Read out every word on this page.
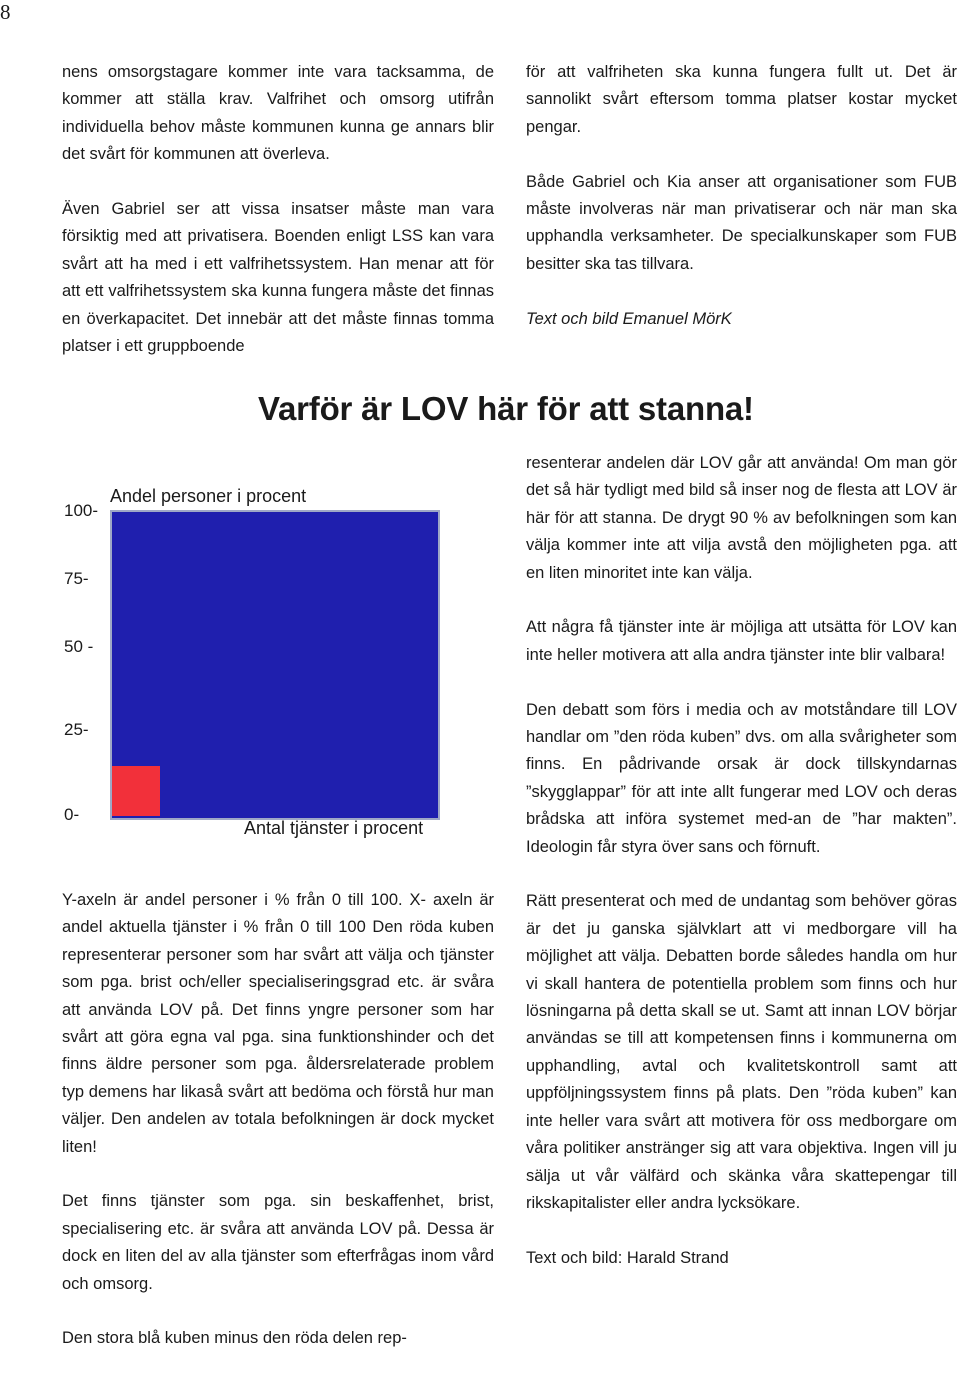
8

nens omsorgstagare kommer inte vara tacksamma, de kommer att ställa krav. Valfrihet och omsorg utifrån individuella behov måste kommunen kunna ge annars blir det svårt för kommunen att överleva.

Även Gabriel ser att vissa insatser måste man vara försiktig med att privatisera. Boenden enligt LSS kan vara svårt att ha med i ett valfrihetssystem. Han menar att för att ett valfrihetssystem ska kunna fungera måste det finnas en överkapacitet. Det innebär att det måste finnas tomma platser i ett gruppboende

för att valfriheten ska kunna fungera fullt ut. Det är sannolikt svårt eftersom tomma platser kostar mycket pengar.

Både Gabriel och Kia anser att organisationer som FUB måste involveras när man privatiserar och när man ska upphandla verksamheter. De specialkunskaper som FUB besitter ska tas tillvara.

Text och bild Emanuel MörK

Varför är LOV här för att stanna!
100-
75-
50 -
25-
0-
Andel personer i procent
Antal tjänster i procent

Y-axeln är andel personer i % från 0 till 100. X- axeln är andel aktuella tjänster i % från 0 till 100 Den röda kuben representerar personer som har svårt att välja och tjänster som pga. brist och/eller specialiseringsgrad etc. är svåra att använda LOV på. Det finns yngre personer som har svårt att göra egna val pga. sina funktionshinder och det finns äldre personer som pga. åldersrelaterade problem typ demens har likaså svårt att bedöma och förstå hur man väljer. Den andelen av totala befolkningen är dock mycket liten!

Det finns tjänster som pga. sin beskaffenhet, brist, specialisering etc. är svåra att använda LOV på. Dessa är dock en liten del av alla tjänster som efterfrågas inom vård och omsorg.

Den stora blå kuben minus den röda delen rep-

resenterar andelen där LOV går att använda! Om man gör det så här tydligt med bild så inser nog de flesta att LOV är här för att stanna. De drygt 90 % av befolkningen som kan välja kommer inte att vilja avstå den möjligheten pga. att en liten minoritet inte kan välja.

Att några få tjänster inte är möjliga att utsätta för LOV kan inte heller motivera att alla andra tjänster inte blir valbara!

Den debatt som förs i media och av motståndare till LOV handlar om ”den röda kuben” dvs. om alla svårigheter som finns. En pådrivande orsak är dock tillskyndarnas ”skygglappar” för att inte allt fungerar med LOV och deras brådska att införa systemet med-an de ”har makten”. Ideologin får styra över sans och förnuft.

Rätt presenterat och med de undantag som behöver göras är det ju ganska självklart att vi medborgare vill ha möjlighet att välja. Debatten borde således handla om hur vi skall hantera de potentiella problem som finns och hur lösningarna på detta skall se ut. Samt att innan LOV börjar användas se till att kompetensen finns i kommunerna om upphandling, avtal och kvalitetskontroll samt att uppföljningssystem finns på plats. Den ”röda kuben” kan inte heller vara svårt att motivera för oss medborgare om våra politiker anstränger sig att vara objektiva. Ingen vill ju sälja ut vår välfärd och skänka våra skattepengar till rikskapitalister eller andra lycksökare.

Text och bild: Harald Strand
